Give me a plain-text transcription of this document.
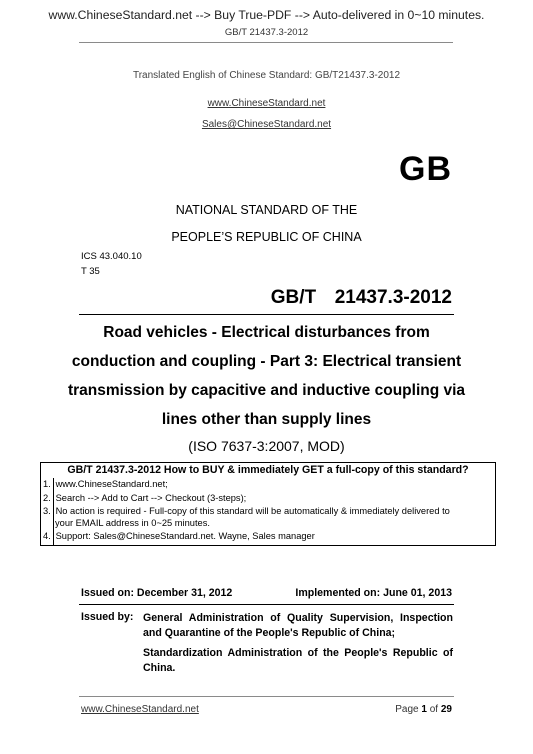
www.ChineseStandard.net --> Buy True-PDF --> Auto-delivered in 0~10 minutes.
GB/T 21437.3-2012
Translated English of Chinese Standard: GB/T21437.3-2012
www.ChineseStandard.net
Sales@ChineseStandard.net
GB
NATIONAL STANDARD OF THE
PEOPLE’S REPUBLIC OF CHINA
ICS 43.040.10
T 35
GB/T  21437.3-2012
Road vehicles - Electrical disturbances from
conduction and coupling - Part 3: Electrical transient
transmission by capacitive and inductive coupling via
lines other than supply lines
(ISO 7637-3:2007, MOD)
GB/T 21437.3-2012 How to BUY & immediately GET a full-copy of this standard?
1. www.ChineseStandard.net;
2. Search --> Add to Cart --> Checkout (3-steps);
3. No action is required - Full-copy of this standard will be automatically & immediately delivered to
your EMAIL address in 0~25 minutes.
4. Support: Sales@ChineseStandard.net. Wayne, Sales manager
Issued on: December 31, 2012	Implemented on: June 01, 2013
Issued by: General Administration of Quality Supervision, Inspection and Quarantine of the People's Republic of China;
Standardization Administration of the People's Republic of China.
www.ChineseStandard.net	Page 1 of 29
